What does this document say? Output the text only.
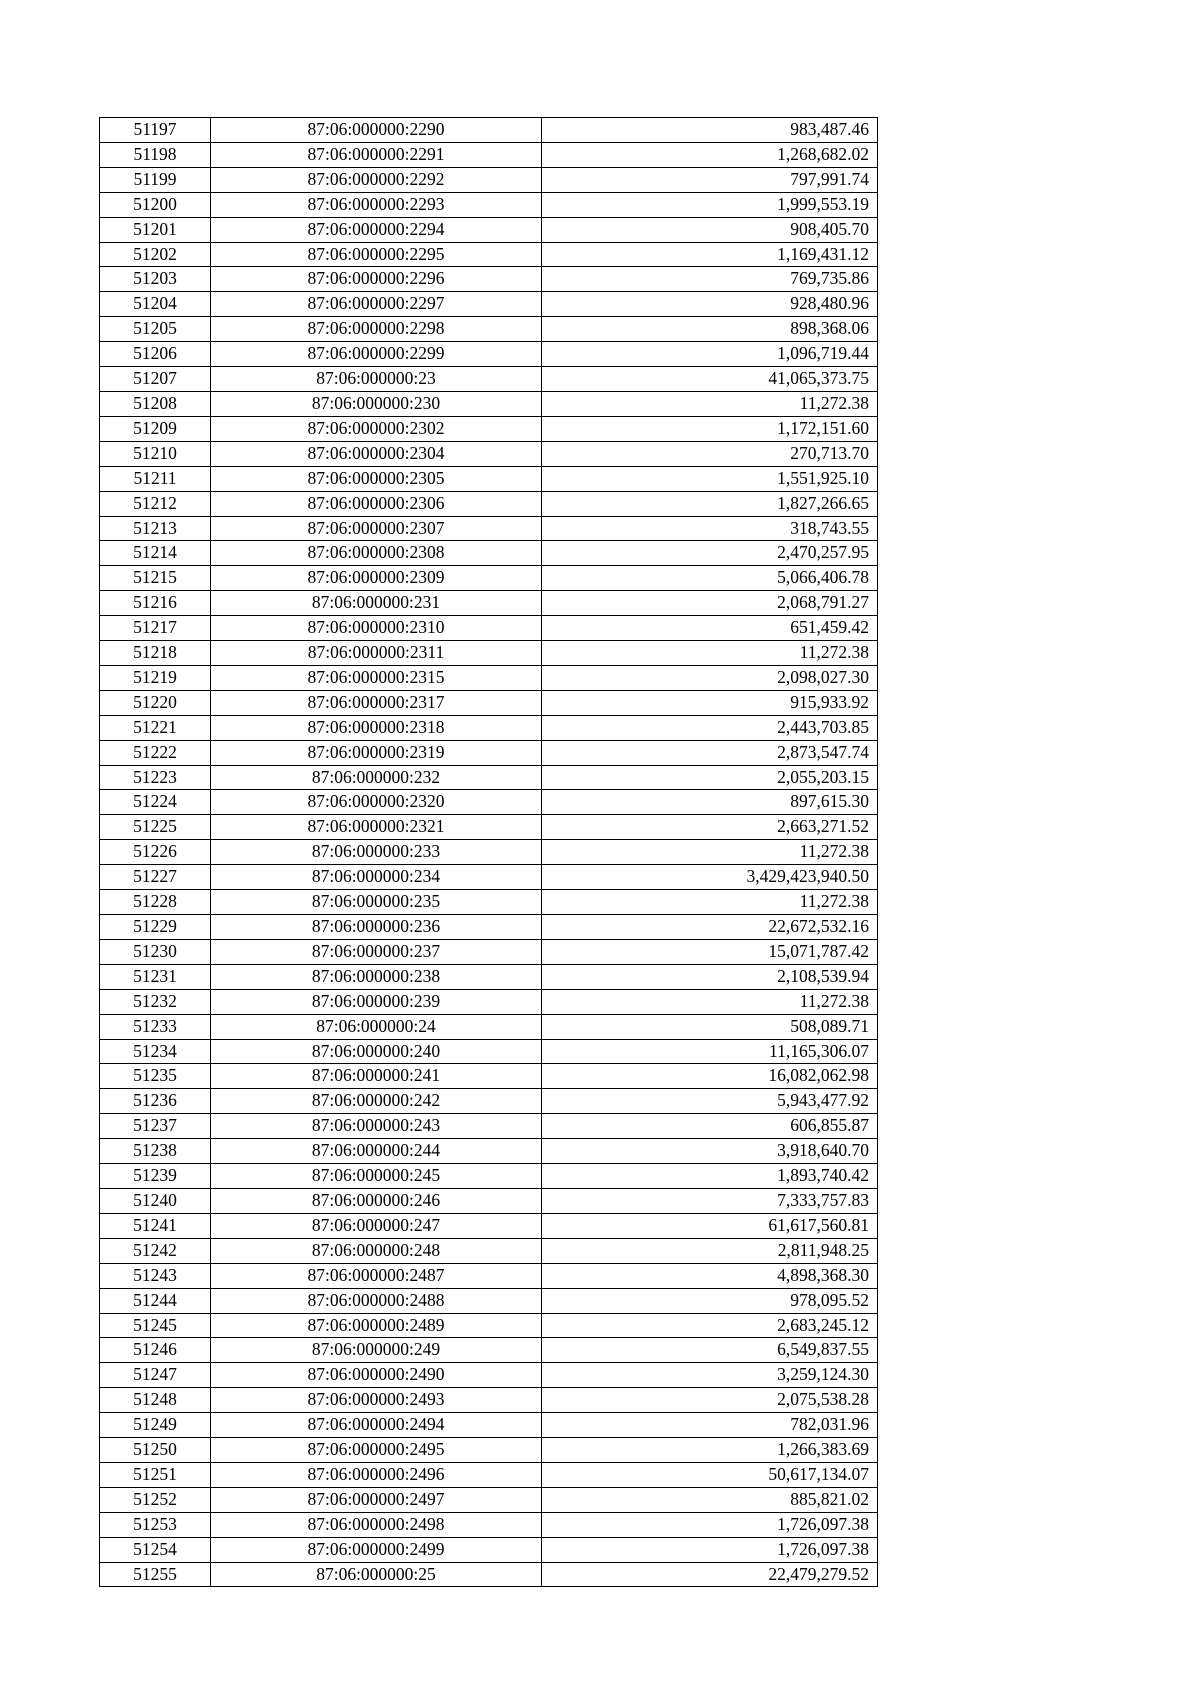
51197	87:06:000000:2290	983,487.46
51198	87:06:000000:2291	1,268,682.02
51199	87:06:000000:2292	797,991.74
51200	87:06:000000:2293	1,999,553.19
51201	87:06:000000:2294	908,405.70
51202	87:06:000000:2295	1,169,431.12
51203	87:06:000000:2296	769,735.86
51204	87:06:000000:2297	928,480.96
51205	87:06:000000:2298	898,368.06
51206	87:06:000000:2299	1,096,719.44
51207	87:06:000000:23	41,065,373.75
51208	87:06:000000:230	11,272.38
51209	87:06:000000:2302	1,172,151.60
51210	87:06:000000:2304	270,713.70
51211	87:06:000000:2305	1,551,925.10
51212	87:06:000000:2306	1,827,266.65
51213	87:06:000000:2307	318,743.55
51214	87:06:000000:2308	2,470,257.95
51215	87:06:000000:2309	5,066,406.78
51216	87:06:000000:231	2,068,791.27
51217	87:06:000000:2310	651,459.42
51218	87:06:000000:2311	11,272.38
51219	87:06:000000:2315	2,098,027.30
51220	87:06:000000:2317	915,933.92
51221	87:06:000000:2318	2,443,703.85
51222	87:06:000000:2319	2,873,547.74
51223	87:06:000000:232	2,055,203.15
51224	87:06:000000:2320	897,615.30
51225	87:06:000000:2321	2,663,271.52
51226	87:06:000000:233	11,272.38
51227	87:06:000000:234	3,429,423,940.50
51228	87:06:000000:235	11,272.38
51229	87:06:000000:236	22,672,532.16
51230	87:06:000000:237	15,071,787.42
51231	87:06:000000:238	2,108,539.94
51232	87:06:000000:239	11,272.38
51233	87:06:000000:24	508,089.71
51234	87:06:000000:240	11,165,306.07
51235	87:06:000000:241	16,082,062.98
51236	87:06:000000:242	5,943,477.92
51237	87:06:000000:243	606,855.87
51238	87:06:000000:244	3,918,640.70
51239	87:06:000000:245	1,893,740.42
51240	87:06:000000:246	7,333,757.83
51241	87:06:000000:247	61,617,560.81
51242	87:06:000000:248	2,811,948.25
51243	87:06:000000:2487	4,898,368.30
51244	87:06:000000:2488	978,095.52
51245	87:06:000000:2489	2,683,245.12
51246	87:06:000000:249	6,549,837.55
51247	87:06:000000:2490	3,259,124.30
51248	87:06:000000:2493	2,075,538.28
51249	87:06:000000:2494	782,031.96
51250	87:06:000000:2495	1,266,383.69
51251	87:06:000000:2496	50,617,134.07
51252	87:06:000000:2497	885,821.02
51253	87:06:000000:2498	1,726,097.38
51254	87:06:000000:2499	1,726,097.38
51255	87:06:000000:25	22,479,279.52
